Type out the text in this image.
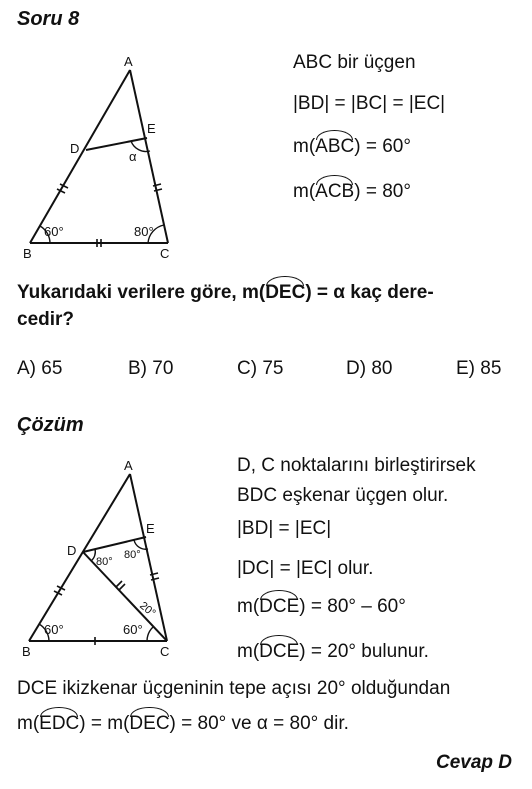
Soru 8
A
D
E
B	C
60°	80°
α
ABC bir üçgen
|BD| = |BC| = |EC|
m(ABC) = 60°
m(ACB) = 80°
Yukarıdaki verilere göre, m(DEC) = α kaç dere-
cedir?
A) 65	B) 70	C) 75	D) 80	E) 85
Çözüm
A
D
E
B	C
80°
80°
60°	60°
20°
D, C noktalarını birleştirirsek
BDC eşkenar üçgen olur.
|BD| = |EC|
|DC| = |EC| olur.
m(DCE) = 80° – 60°
m(DCE) = 20° bulunur.
DCE ikizkenar üçgeninin tepe açısı 20° olduğundan
m(EDC) = m(DEC) = 80° ve α = 80° dir.
Cevap D
